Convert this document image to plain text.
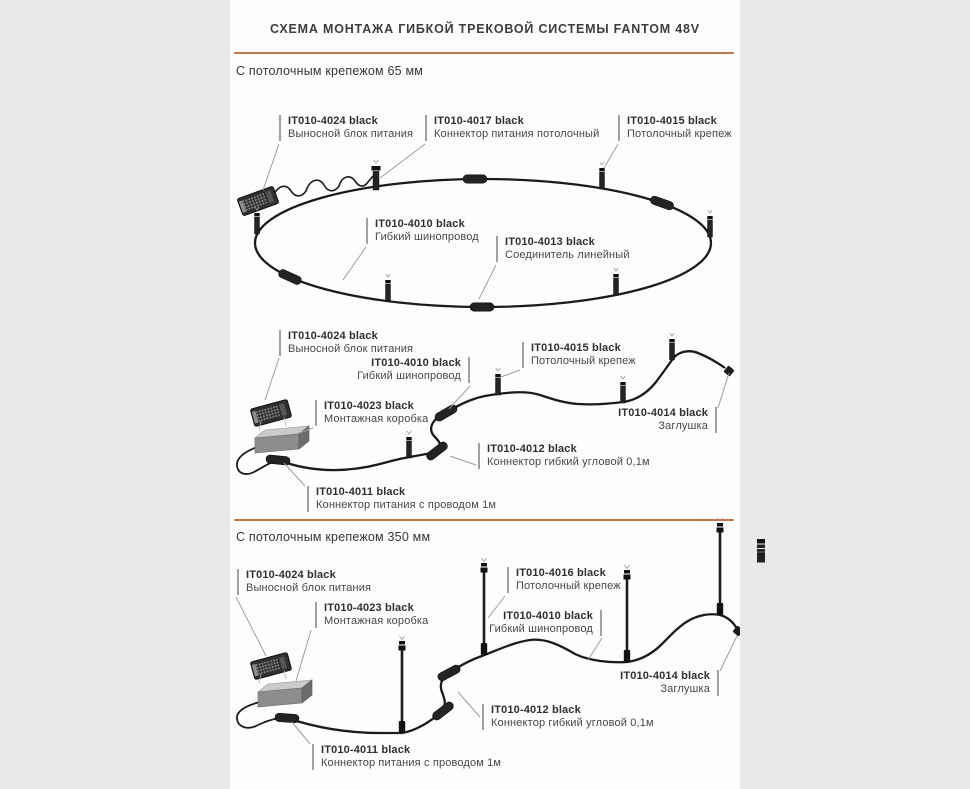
СХЕМА МОНТАЖА ГИБКОЙ ТРЕКОВОЙ СИСТЕМЫ FANTOM 48V
С потолочным крепежом 65 мм
С потолочным крепежом 350 мм
IT010-4024 black
Выносной блок питания
IT010-4017 black
Коннектор питания потолочный
IT010-4015 black
Потолочный крепеж
IT010-4010 black
Гибкий шинопровод IT010-4013 black
Соединитель линейный
IT010-4024 black
Выносной блок питания
IT010-4010 black
Гибкий шинопровод
IT010-4023 black
Монтажная коробка
IT010-4015 black
Потолочный крепеж
IT010-4014 black
Заглушка
IT010-4012 black
Коннектор гибкий угловой 0,1м
IT010-4011 black
Коннектор питания с проводом 1м
IT010-4024 black
Выносной блок питания
IT010-4023 black
Монтажная коробка
IT010-4016 black
Потолочный крепеж
IT010-4010 black
Гибкий шинопровод
IT010-4014 black
Заглушка
IT010-4012 black
Коннектор гибкий угловой 0,1м
IT010-4011 black
Коннектор питания с проводом 1м
